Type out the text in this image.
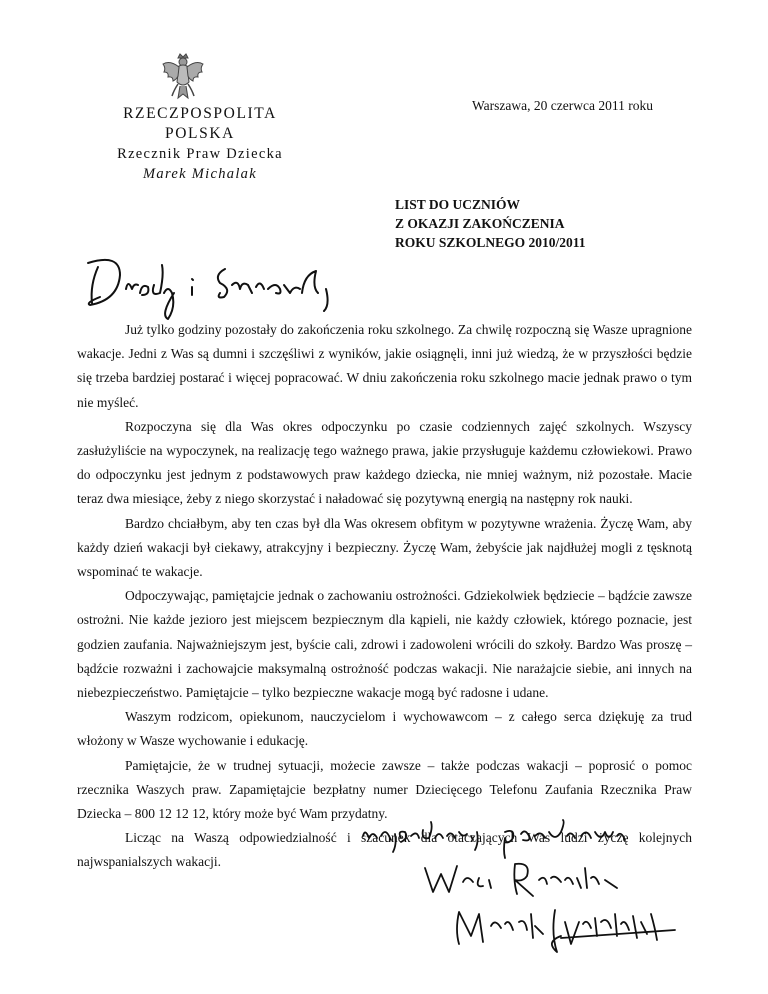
RZECZPOSPOLITA POLSKA
Rzecznik Praw Dziecka
Marek Michalak
Warszawa, 20 czerwca 2011 roku
LIST DO UCZNIÓW
Z OKAZJI ZAKOŃCZENIA
ROKU SZKOLNEGO 2010/2011

Już tylko godziny pozostały do zakończenia roku szkolnego. Za chwilę rozpoczną się Wasze upragnione wakacje. Jedni z Was są dumni i szczęśliwi z wyników, jakie osiągnęli, inni już wiedzą, że w przyszłości będzie się trzeba bardziej postarać i więcej popracować. W dniu zakończenia roku szkolnego macie jednak prawo o tym nie myśleć.

Rozpoczyna się dla Was okres odpoczynku po czasie codziennych zajęć szkolnych. Wszyscy zasłużyliście na wypoczynek, na realizację tego ważnego prawa, jakie przysługuje każdemu człowiekowi. Prawo do odpoczynku jest jednym z podstawowych praw każdego dziecka, nie mniej ważnym, niż pozostałe. Macie teraz dwa miesiące, żeby z niego skorzystać i naładować się pozytywną energią na następny rok nauki.

Bardzo chciałbym, aby ten czas był dla Was okresem obfitym w pozytywne wrażenia. Życzę Wam, aby każdy dzień wakacji był ciekawy, atrakcyjny i bezpieczny. Życzę Wam, żebyście jak najdłużej mogli z tęsknotą wspominać te wakacje.

Odpoczywając, pamiętajcie jednak o zachowaniu ostrożności. Gdziekolwiek będziecie – bądźcie zawsze ostrożni. Nie każde jezioro jest miejscem bezpiecznym dla kąpieli, nie każdy człowiek, którego poznacie, jest godzien zaufania. Najważniejszym jest, byście cali, zdrowi i zadowoleni wrócili do szkoły. Bardzo Was proszę – bądźcie rozważni i zachowajcie maksymalną ostrożność podczas wakacji. Nie narażajcie siebie, ani innych na niebezpieczeństwo. Pamiętajcie – tylko bezpieczne wakacje mogą być radosne i udane.

Waszym rodzicom, opiekunom, nauczycielom i wychowawcom – z całego serca dziękuję za trud włożony w Wasze wychowanie i edukację.

Pamiętajcie, że w trudnej sytuacji, możecie zawsze – także podczas wakacji – poprosić o pomoc rzecznika Waszych praw. Zapamiętajcie bezpłatny numer Dziecięcego Telefonu Zaufania Rzecznika Praw Dziecka – 800 12 12 12, który może być Wam przydatny.

Licząc na Waszą odpowiedzialność i szacunek dla otaczających Was ludzi życzę kolejnych najwspanialszych wakacji.
